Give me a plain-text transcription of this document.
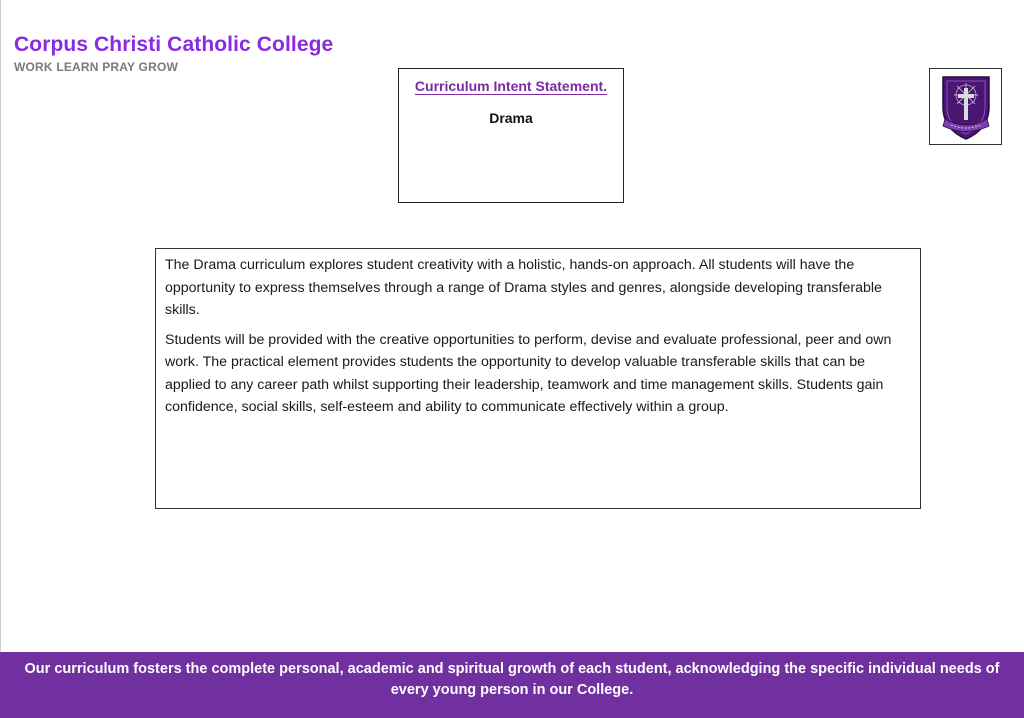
Corpus Christi Catholic College
WORK LEARN PRAY GROW
Curriculum Intent Statement.
Drama

The Drama curriculum explores student creativity with a holistic, hands-on approach. All students will have the opportunity to express themselves through a range of Drama styles and genres, alongside developing transferable skills.

Students will be provided with the creative opportunities to perform, devise and evaluate professional, peer and own work. The practical element provides students the opportunity to develop valuable transferable skills that can be applied to any career path whilst supporting their leadership, teamwork and time management skills. Students gain confidence, social skills, self-esteem and ability to communicate effectively within a group.

Our curriculum fosters the complete personal, academic and spiritual growth of each student, acknowledging the specific individual needs of every young person in our College.
